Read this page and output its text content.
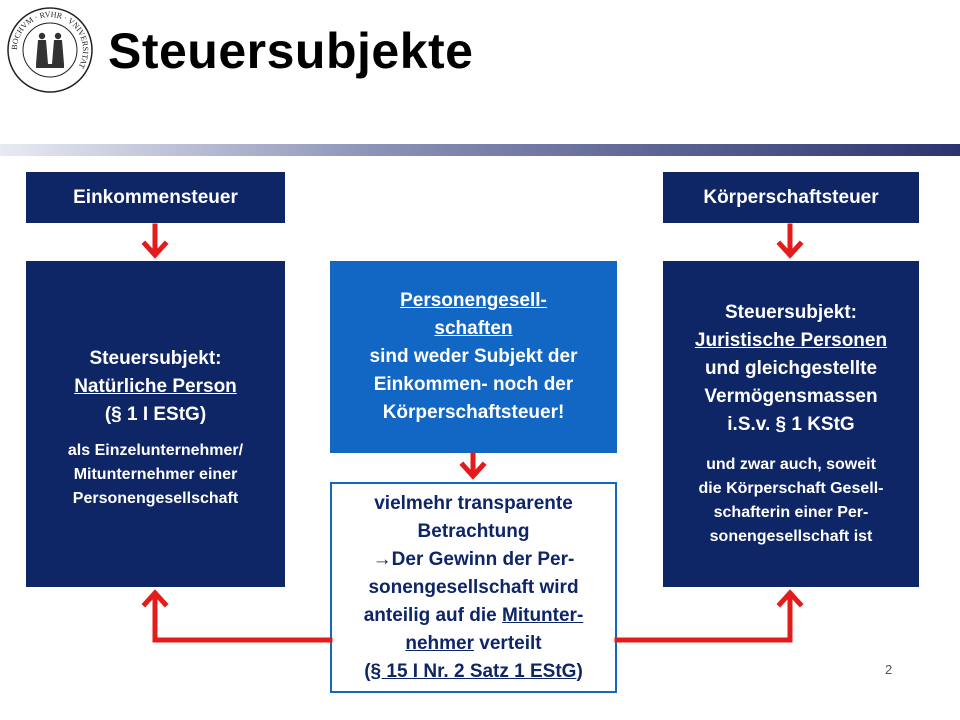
BOCHVM · RVHR · VNIVERSITAT Steuersubjekte
Einkommensteuer	Körperschaftsteuer
Steuersubjekt:
Natürliche Person
(§ 1 I EStG)
als Einzelunternehmer/
Mitunternehmer einer
Personengesellschaft
Personengesell-
schaften
sind weder Subjekt der
Einkommen- noch der
Körperschaftsteuer!
vielmehr transparente
Betrachtung
→Der Gewinn der Per-
sonengesellschaft wird
anteilig auf die Mitunter-
nehmer verteilt
(§ 15 I Nr. 2 Satz 1 EStG)
Steuersubjekt:
Juristische Personen
und gleichgestellte
Vermögensmassen
i.S.v. § 1 KStG
und zwar auch, soweit
die Körperschaft Gesell-
schafterin einer Per-
sonengesellschaft ist
2
